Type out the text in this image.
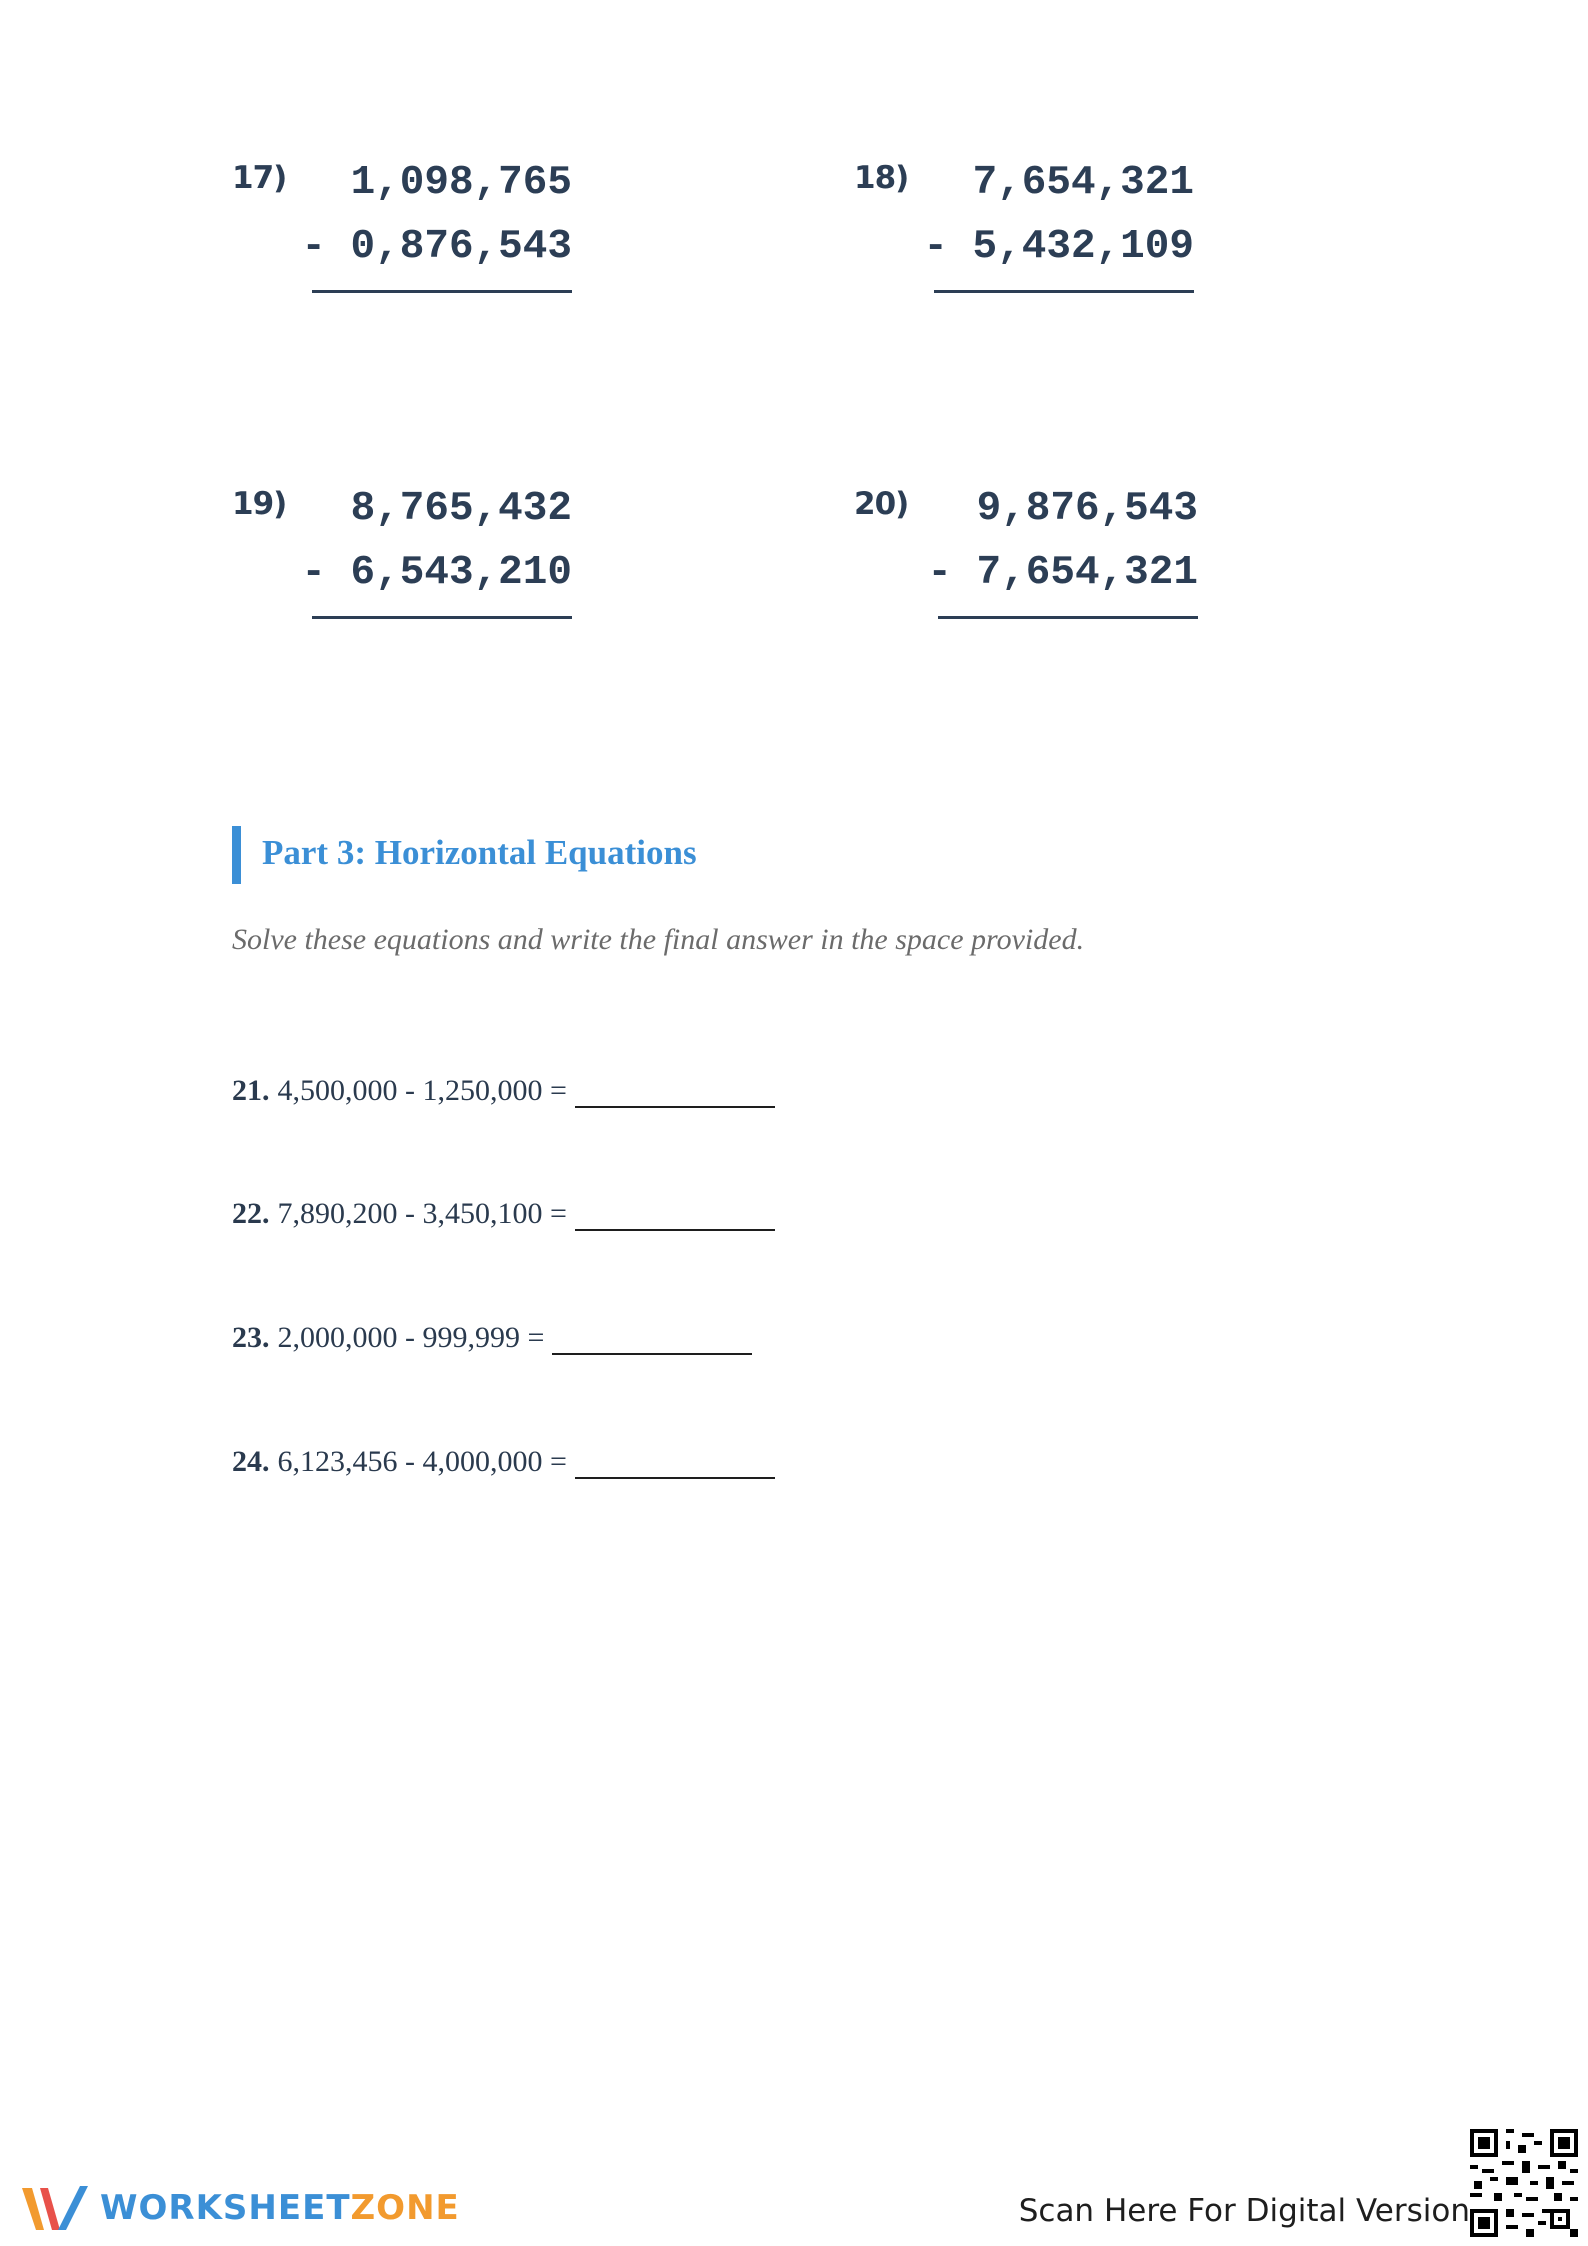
17) 1,098,765
- 0,876,543
18) 7,654,321
- 5,432,109
19) 8,765,432
- 6,543,210
20) 9,876,543
- 7,654,321
Part 3: Horizontal Equations
Solve these equations and write the final answer in the space provided.
21. 4,500,000 - 1,250,000 =
22. 7,890,200 - 3,450,100 =
23. 2,000,000 - 999,999 =
24. 6,123,456 - 4,000,000 =
WORKSHEETZONE	Scan Here For Digital Version
